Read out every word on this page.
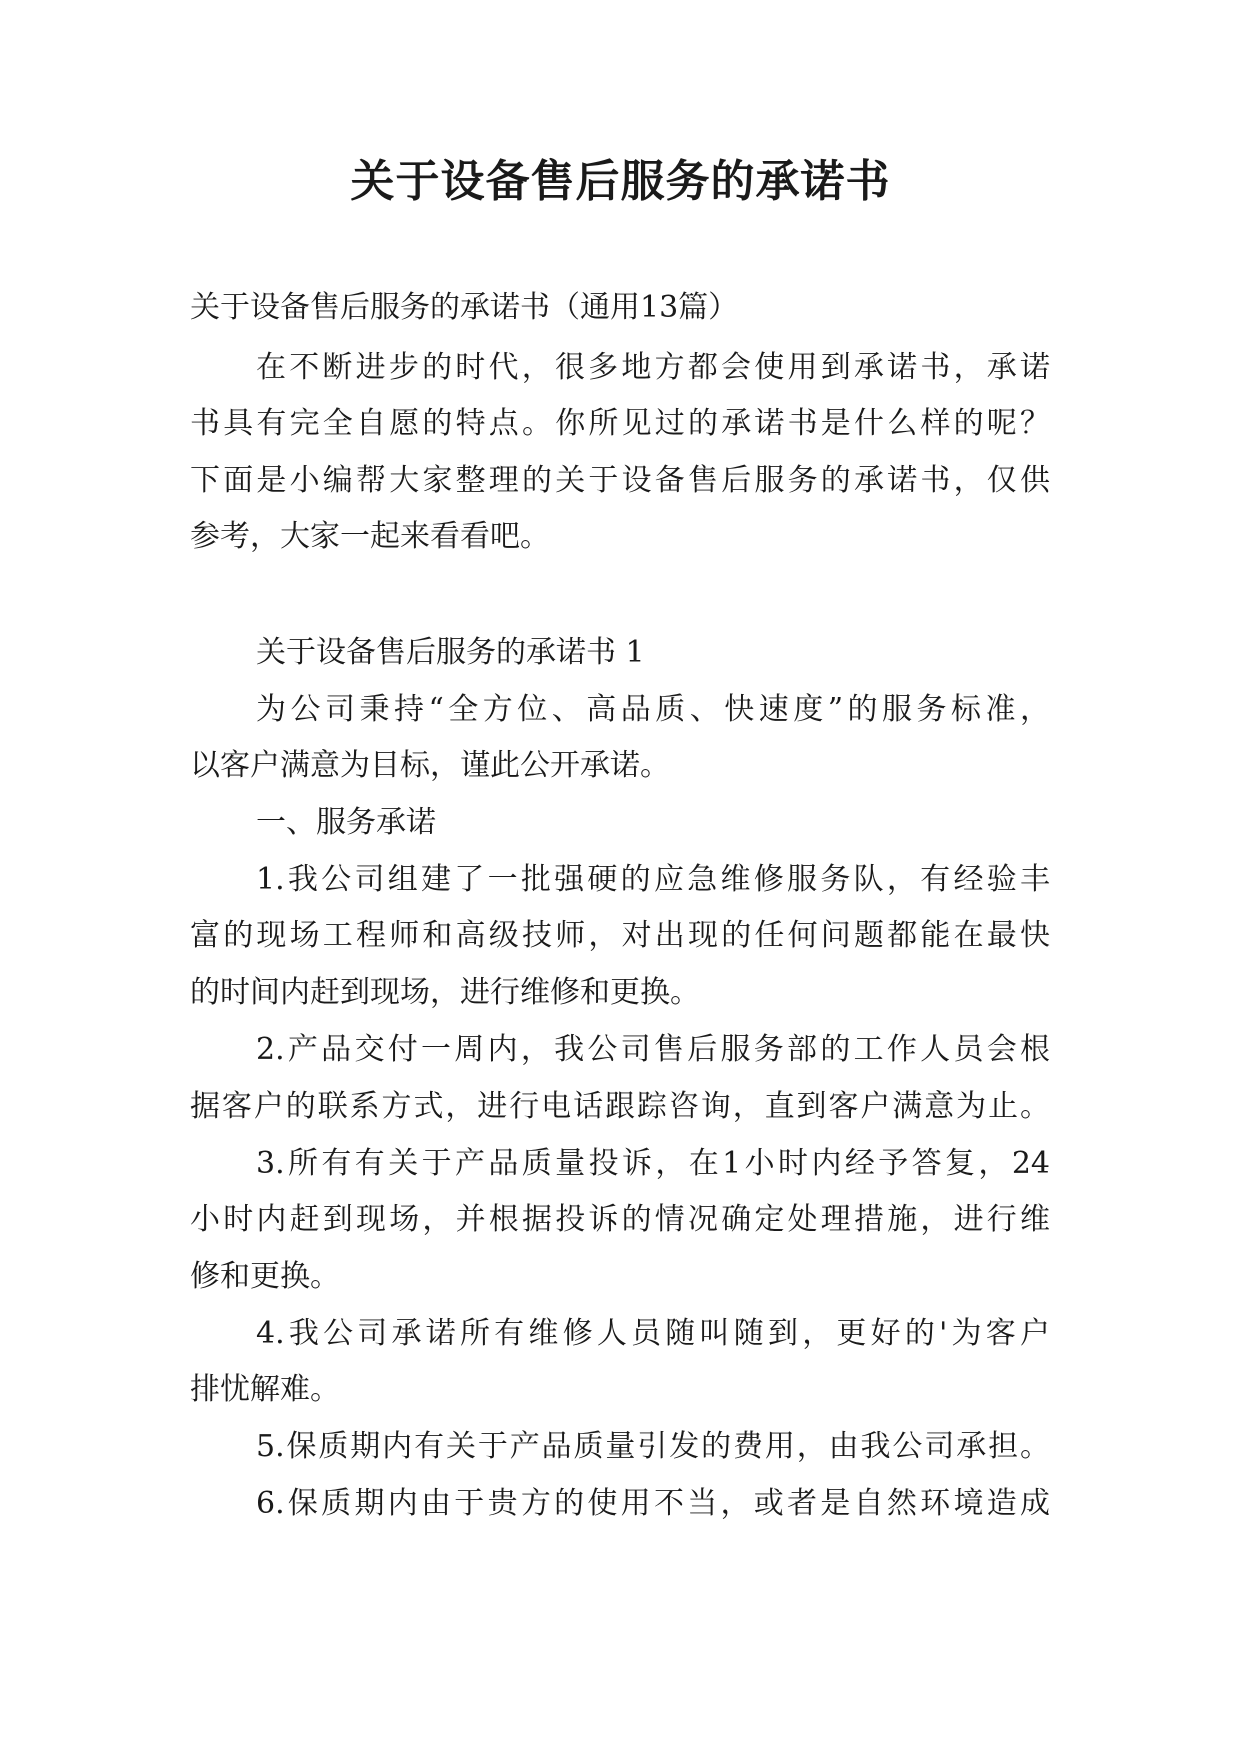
关于设备售后服务的承诺书
关于设备售后服务的承诺书（通用13篇）
在不断进步的时代，很多地方都会使用到承诺书，承诺
书具有完全自愿的特点。你所见过的承诺书是什么样的呢？
下面是小编帮大家整理的关于设备售后服务的承诺书，仅供
参考，大家一起来看看吧。
关于设备售后服务的承诺书 1
为公司秉持“全方位、高品质、快速度”的服务标准，
以客户满意为目标，谨此公开承诺。
一、服务承诺
1.我公司组建了一批强硬的应急维修服务队，有经验丰
富的现场工程师和高级技师，对出现的任何问题都能在最快
的时间内赶到现场，进行维修和更换。
2.产品交付一周内，我公司售后服务部的工作人员会根
据客户的联系方式，进行电话跟踪咨询，直到客户满意为止。
3.所有有关于产品质量投诉，在1小时内经予答复，24
小时内赶到现场，并根据投诉的情况确定处理措施，进行维
修和更换。
4.我公司承诺所有维修人员随叫随到，更好的'为客户
排忧解难。
5.保质期内有关于产品质量引发的费用，由我公司承担。
6.保质期内由于贵方的使用不当，或者是自然环境造成
